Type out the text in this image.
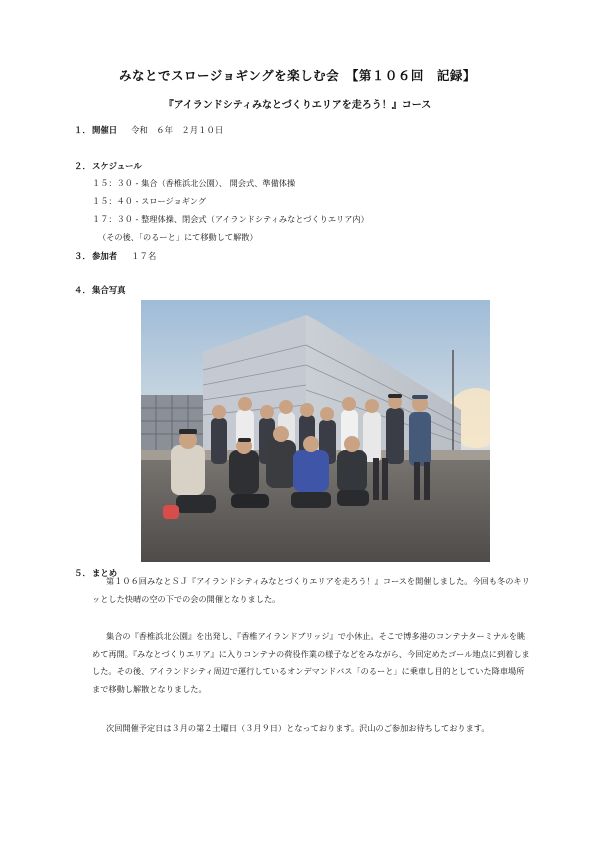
みなとでスロージョギングを楽しむ会　【第１０６回　記録】
『アイランドシティみなとづくりエリアを走ろう！』コース
１． 開催日 令和　６年　２月１０日
２． スケジュール
１５：３０ - 集合（香椎浜北公園）、 開会式、準備体操
１５：４０ - スロージョギング
１７：３０ - 整理体操、閉会式（アイランドシティみなとづくりエリア内）
（その後、「のるーと」にて移動して解散）
３． 参加者 １７名
４． 集合写真
５． まとめ

第１０６回みなとＳＪ『アイランドシティみなとづくりエリアを走ろう！』コースを開催しました。今回も冬のキリッとした快晴の空の下での会の開催となりました。

集合の『香椎浜北公園』を出発し、『香椎アイランドブリッジ』で小休止。そこで博多港のコンテナターミナルを眺めて再開。『みなとづくりエリア』に入りコンテナの荷役作業の様子などをみながら、今回定めたゴール地点に到着しました。その後、アイランドシティ周辺で運行しているオンデマンドバス「のるーと」に乗車し目的としていた降車場所まで移動し解散となりました。

次回開催予定日は３月の第２土曜日（３月９日）となっております。沢山のご参加お待ちしております。
